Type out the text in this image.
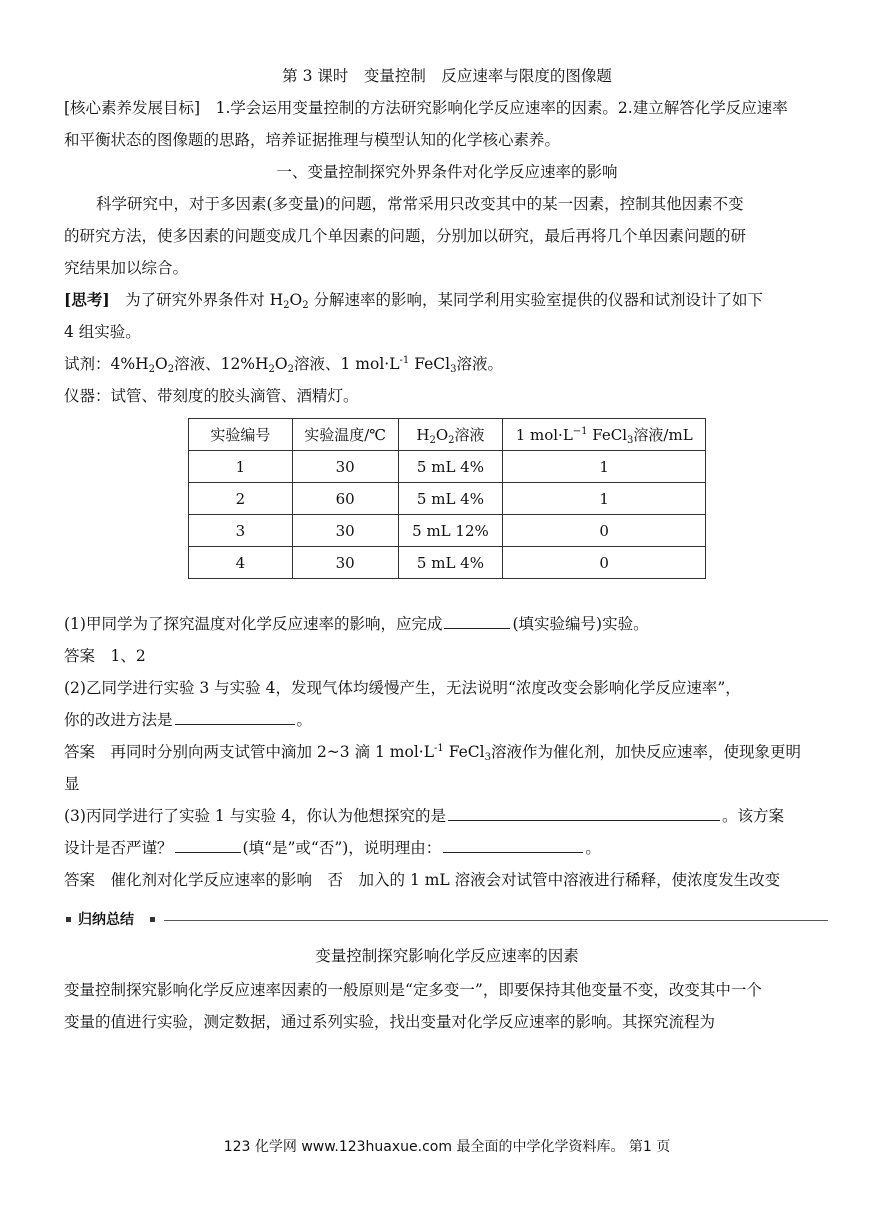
第 3 课时　变量控制　反应速率与限度的图像题
[核心素养发展目标]　1.学会运用变量控制的方法研究影响化学反应速率的因素。2.建立解答化学反应速率
和平衡状态的图像题的思路，培养证据推理与模型认知的化学核心素养。
一、变量控制探究外界条件对化学反应速率的影响
科学研究中，对于多因素(多变量)的问题，常常采用只改变其中的某一因素，控制其他因素不变
的研究方法，使多因素的问题变成几个单因素的问题，分别加以研究，最后再将几个单因素问题的研
究结果加以综合。
[思考]　为了研究外界条件对 $H_2O_2$ 分解速率的影响，某同学利用实验室提供的仪器和试剂设计了如下
4 组实验。
试剂：$4\%H_2O_2$溶液、$12\%H_2O_2$溶液、1 $mol\cdot L^{-1}$ FeCl$_3$溶液。
仪器：试管、带刻度的胶头滴管、酒精灯。
实验编号	实验温度/℃	$H_2O_2$溶液	1 $mol\cdot L^{-1}$ FeCl$_3$溶液/mL
1	30	5 mL 4%	1
2	60	5 mL 4%	1
3	30	5 mL 12%	0
4	30	5 mL 4%	0
(1)甲同学为了探究温度对化学反应速率的影响，应完成	(填实验编号)实验。
答案　1、2
(2)乙同学进行实验 3 与实验 4，发现气体均缓慢产生，无法说明“浓度改变会影响化学反应速率”，
你的改进方法是	。
答案　再同时分别向两支试管中滴加 2~3 滴 1 $mol\cdot L^{-1}$ FeCl$_3$溶液作为催化剂，加快反应速率，使现象更明
显
(3)丙同学进行了实验 1 与实验 4，你认为他想探究的是	。该方案
设计是否严谨？	(填“是”或“否”)，说明理由：	。
答案　催化剂对化学反应速率的影响　否　加入的 1 mL 溶液会对试管中溶液进行稀释，使浓度发生改变
归纳总结
变量控制探究影响化学反应速率的因素
变量控制探究影响化学反应速率因素的一般原则是“定多变一”，即要保持其他变量不变，改变其中一个
变量的值进行实验，测定数据，通过系列实验，找出变量对化学反应速率的影响。其探究流程为
123 化学网 www.123huaxue.com 最全面的中学化学资料库。 第1 页
